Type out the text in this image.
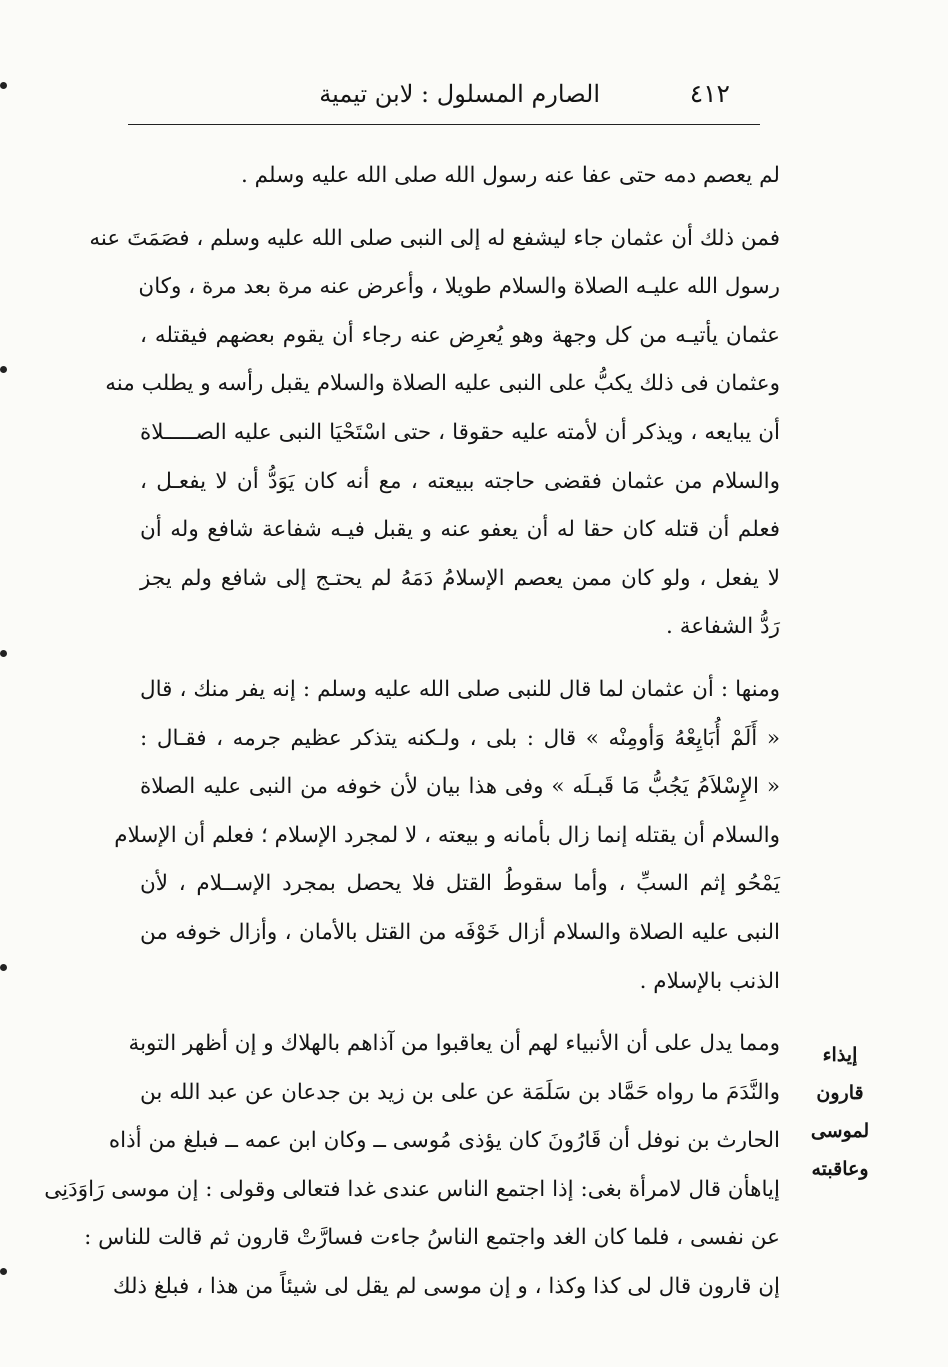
٤١٢
الصارم المسلول : لابن تيمية
لم يعصم دمه حتى عفا عنه رسول الله صلى الله عليه وسلم .
فمن ذلك أن عثمان جاء ليشفع له إلى النبى صلى الله عليه وسلم ، فصَمَتَ عنه
رسول الله عليـه الصلاة والسلام طويلا ، وأعرض عنه مرة بعد مرة ، وكان
عثمان يأتيـه من كل وجهة وهو يُعرِض عنه رجاء أن يقوم بعضهم فيقتله ،
وعثمان فى ذلك يكبُّ على النبى عليه الصلاة والسلام يقبل رأسه و يطلب منه
أن يبايعه ، ويذكر أن لأمته عليه حقوقا ، حتى اسْتَحْيَا النبى عليه الصـــــلاة
والسلام من عثمان فقضى حاجته ببيعته ، مع أنه كان يَوَدُّ أن لا يفعـل ،
فعلم أن قتله كان حقا له أن يعفو عنه و يقبل فيـه شفاعة شافع وله أن
لا يفعل ، ولو كان ممن يعصم الإسلامُ دَمَهُ لم يحتـج إلى شافع ولم يجز
رَدُّ الشفاعة .
ومنها : أن عثمان لما قال للنبى صلى الله عليه وسلم : إنه يفر منك ، قال
« أَلَمْ أُبَايِعْهُ وَأومِنْه » قال : بلى ، ولـكنه يتذكر عظيم جرمه ، فقـال :
« الإِسْلاَمُ يَجُبُّ مَا قَبـلَه » وفى هذا بيان لأن خوفه من النبى عليه الصلاة
والسلام أن يقتله إنما زال بأمانه و بيعته ، لا لمجرد الإسلام ؛ فعلم أن الإسلام
يَمْحُو إثم السبِّ ، وأما سقوطُ القتل فلا يحصل بمجرد الإســلام ، لأن
النبى عليه الصلاة والسلام أزال خَوْفَه من القتل بالأمان ، وأزال خوفه من
الذنب بالإسلام .
ومما يدل على أن الأنبياء لهم أن يعاقبوا من آذاهم بالهلاك و إن أظهر التوبة
والنَّدَمَ ما رواه حَمَّاد بن سَلَمَة عن على بن زيد بن جدعان عن عبد الله بن
الحارث بن نوفل أن قَارُونَ كان يؤذى مُوسى ــ وكان ابن عمه ــ فبلغ من أذاه
إياهأن قال لامرأة بغى: إذا اجتمع الناس عندى غدا فتعالى وقولى : إن موسى رَاوَدَنِى
عن نفسى ، فلما كان الغد واجتمع الناسُ جاءت فسارَّتْ قارون ثم قالت للناس :
إن قارون قال لى كذا وكذا ، و إن موسى لم يقل لى شيئاً من هذا ، فبلغ ذلك
إيذاء
قارون لموسى
وعاقبته
